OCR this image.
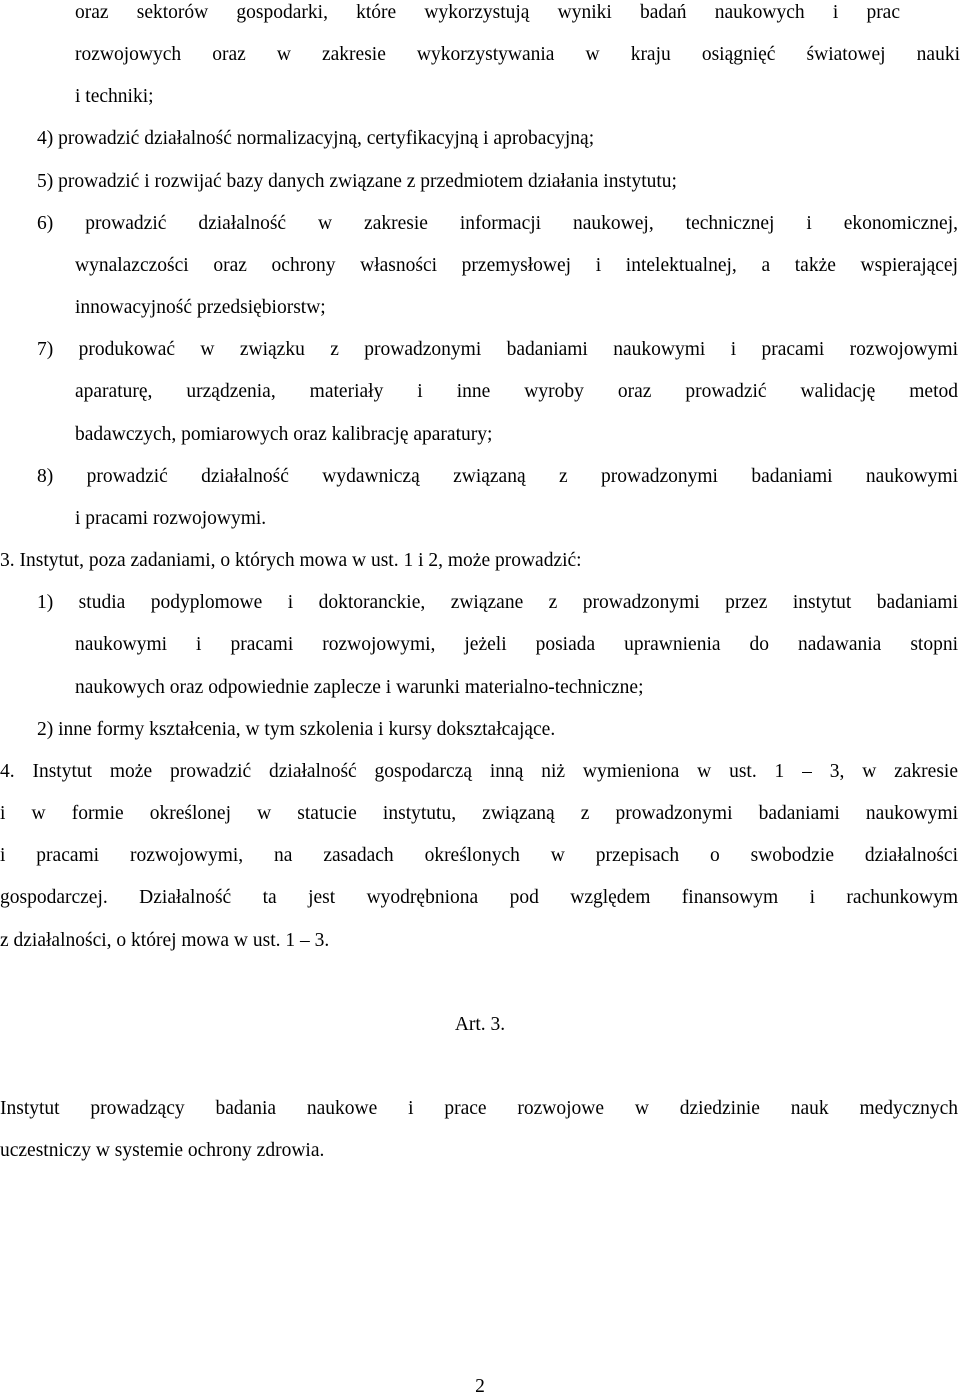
oraz sektorów gospodarki, które wykorzystują wyniki badań naukowych i prac

rozwojowych oraz w zakresie wykorzystywania w kraju osiągnięć światowej nauki

i techniki;

4) prowadzić działalność normalizacyjną, certyfikacyjną i aprobacyjną;

5) prowadzić i rozwijać bazy danych związane z przedmiotem działania instytutu;

6) prowadzić działalność w zakresie informacji naukowej, technicznej i ekonomicznej,

wynalazczości oraz ochrony własności przemysłowej i intelektualnej, a także wspierającej

innowacyjność przedsiębiorstw;

7) produkować w związku z prowadzonymi badaniami naukowymi i pracami rozwojowymi

aparaturę, urządzenia, materiały i inne wyroby oraz prowadzić walidację metod

badawczych, pomiarowych oraz kalibrację aparatury;

8) prowadzić działalność wydawniczą związaną z prowadzonymi badaniami naukowymi

i pracami rozwojowymi.

3. Instytut, poza zadaniami, o których mowa w ust. 1 i 2, może prowadzić:

1) studia podyplomowe i doktoranckie, związane z prowadzonymi przez instytut badaniami

naukowymi i pracami rozwojowymi, jeżeli posiada uprawnienia do nadawania stopni

naukowych oraz odpowiednie zaplecze i warunki materialno-techniczne;

2) inne formy kształcenia, w tym szkolenia i kursy dokształcające.

4. Instytut może prowadzić działalność gospodarczą inną niż wymieniona w ust. 1 – 3, w zakresie

i w formie określonej w statucie instytutu, związaną z prowadzonymi badaniami naukowymi

i pracami rozwojowymi, na zasadach określonych w przepisach o swobodzie działalności

gospodarczej. Działalność ta jest wyodrębniona pod względem finansowym i rachunkowym

z działalności, o której mowa w ust. 1 – 3.

Art. 3.

Instytut prowadzący badania naukowe i prace rozwojowe w dziedzinie nauk medycznych

uczestniczy w systemie ochrony zdrowia.

2
